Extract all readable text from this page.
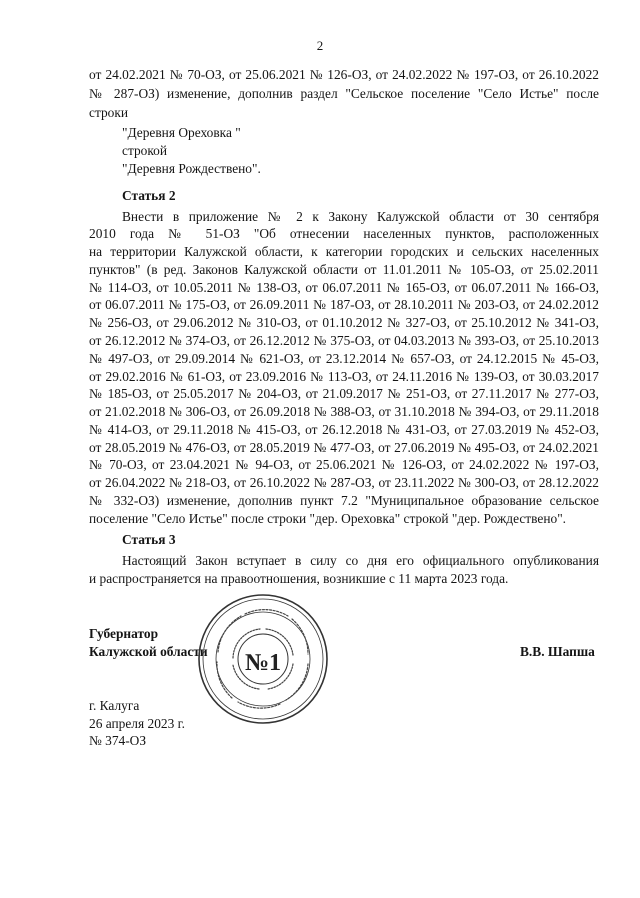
2
от 24.02.2021 № 70-ОЗ, от 25.06.2021 № 126-ОЗ, от 24.02.2022 № 197-ОЗ, от 26.10.2022
№ 287-ОЗ) изменение, дополнив раздел "Сельское поселение "Село Истье" после
строки
"Деревня Ореховка "
строкой
"Деревня Рождествено".
Статья 2
Внести в приложение № 2 к Закону Калужской области от 30 сентября
2010 года № 51-ОЗ "Об отнесении населенных пунктов, расположенных
на территории Калужской области, к категории городских и сельских населенных
пунктов" (в ред. Законов Калужской области от 11.01.2011 № 105-ОЗ, от 25.02.2011
№ 114-ОЗ, от 10.05.2011 № 138-ОЗ, от 06.07.2011 № 165-ОЗ, от 06.07.2011 № 166-ОЗ,
от 06.07.2011 № 175-ОЗ, от 26.09.2011 № 187-ОЗ, от 28.10.2011 № 203-ОЗ, от 24.02.2012
№ 256-ОЗ, от 29.06.2012 № 310-ОЗ, от 01.10.2012 № 327-ОЗ, от 25.10.2012 № 341-ОЗ,
от 26.12.2012 № 374-ОЗ, от 26.12.2012 № 375-ОЗ, от 04.03.2013 № 393-ОЗ, от 25.10.2013
№ 497-ОЗ, от 29.09.2014 № 621-ОЗ, от 23.12.2014 № 657-ОЗ, от 24.12.2015 № 45-ОЗ,
от 29.02.2016 № 61-ОЗ, от 23.09.2016 № 113-ОЗ, от 24.11.2016 № 139-ОЗ, от 30.03.2017
№ 185-ОЗ, от 25.05.2017 № 204-ОЗ, от 21.09.2017 № 251-ОЗ, от 27.11.2017 № 277-ОЗ,
от 21.02.2018 № 306-ОЗ, от 26.09.2018 № 388-ОЗ, от 31.10.2018 № 394-ОЗ, от 29.11.2018
№ 414-ОЗ, от 29.11.2018 № 415-ОЗ, от 26.12.2018 № 431-ОЗ, от 27.03.2019 № 452-ОЗ,
от 28.05.2019 № 476-ОЗ, от 28.05.2019 № 477-ОЗ, от 27.06.2019 № 495-ОЗ, от 24.02.2021
№ 70-ОЗ, от 23.04.2021 № 94-ОЗ, от 25.06.2021 № 126-ОЗ, от 24.02.2022 № 197-ОЗ,
от 26.04.2022 № 218-ОЗ, от 26.10.2022 № 287-ОЗ, от 23.11.2022 № 300-ОЗ, от 28.12.2022
№ 332-ОЗ) изменение, дополнив пункт 7.2 "Муниципальное образование сельское
поселение "Село Истье" после строки "дер. Ореховка" строкой "дер. Рождествено".
Статья 3
Настоящий Закон вступает в силу со дня его официального опубликования
и распространяется на правоотношения, возникшие с 11 марта 2023 года.
Губернатор
Калужской области	В.В. Шапша
№1
г. Калуга
26 апреля 2023 г.
№ 374-ОЗ
